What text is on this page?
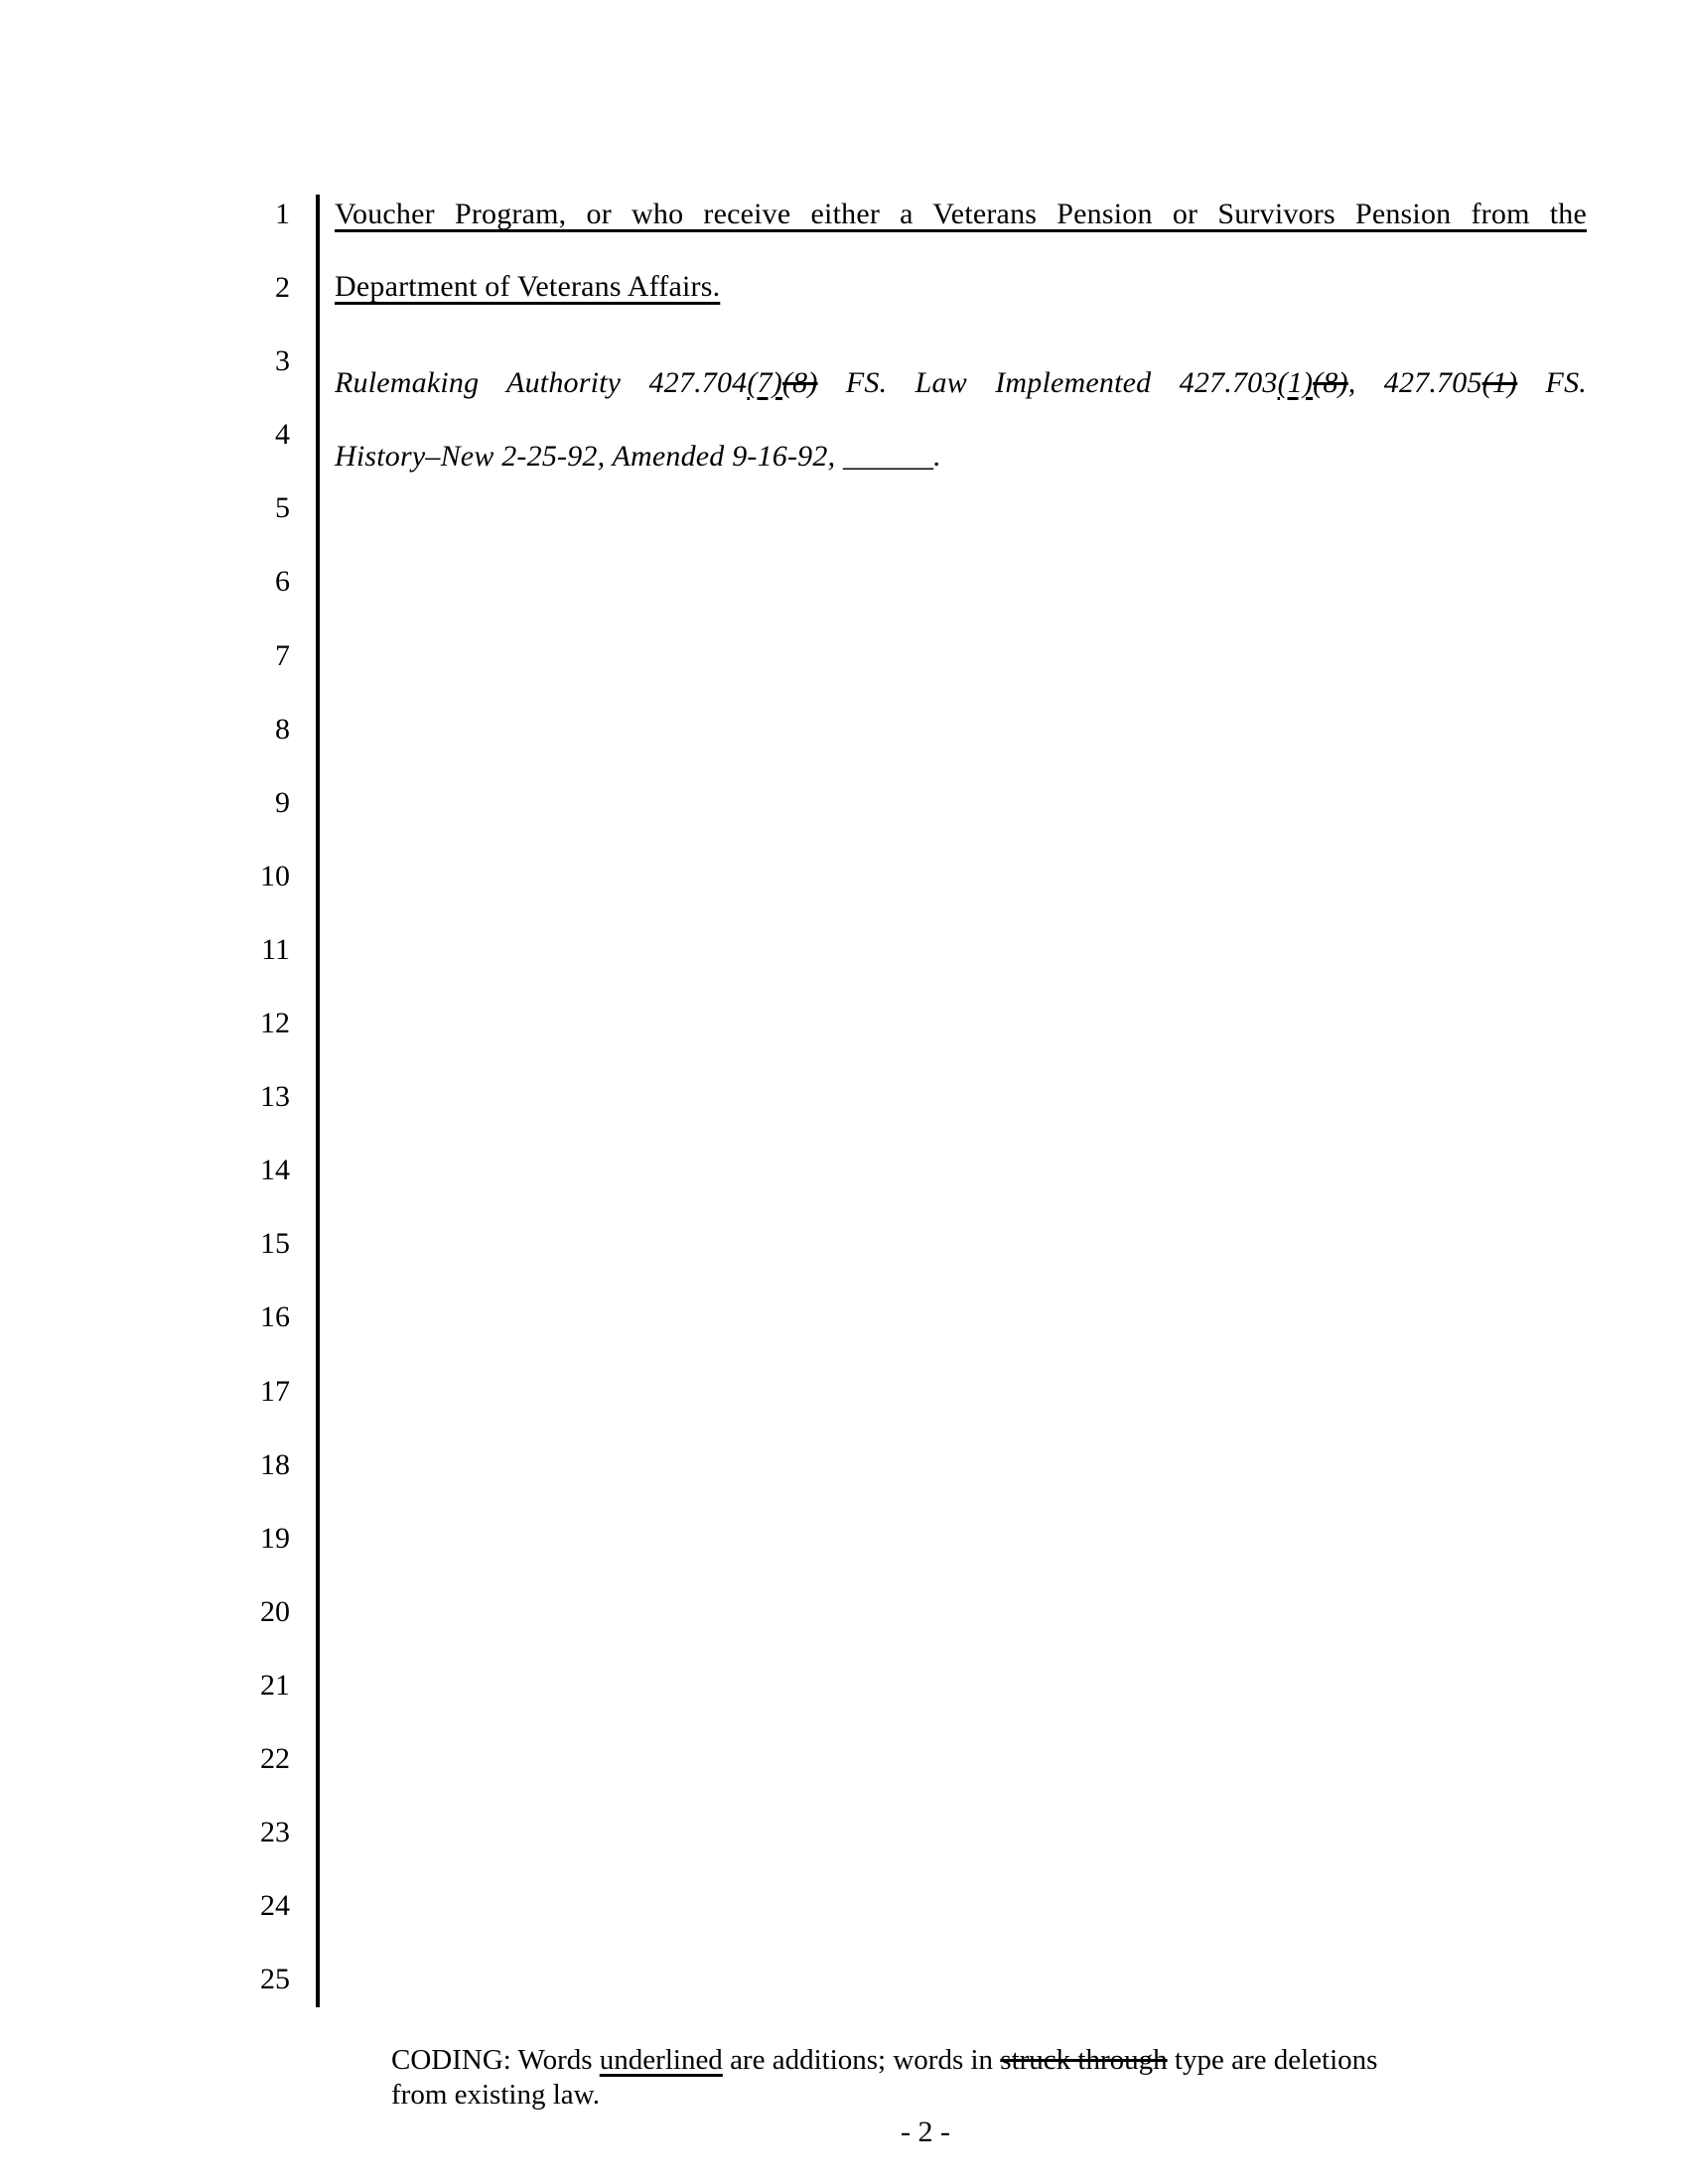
1
2
3
4
5
6
7
8
9
10
11
12
13
14
15
16
17
18
19
20
21
22
23
24
25
Voucher Program, or who receive either a Veterans Pension or Survivors Pension from the
Department of Veterans Affairs.
Rulemaking Authority 427.704(7)(8) FS. Law Implemented 427.703(1)(8), 427.705(1) FS.
History–New 2-25-92, Amended 9-16-92, ______.
CODING: Words underlined are additions; words in struck through type are deletions
from existing law.
- 2 -
